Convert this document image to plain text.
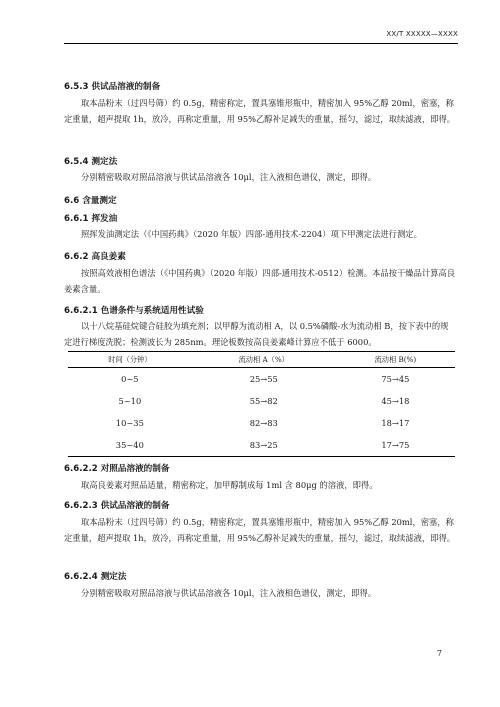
XX/T XXXXX—XXXX
6.5.3 供试品溶液的制备
取本品粉末（过四号筛）约 0.5g，精密称定，置具塞锥形瓶中，精密加入 95%乙醇 20ml，密塞，称定重量，超声提取 1h，放冷，再称定重量，用 95%乙醇补足减失的重量，摇匀，滤过，取续滤液，即得。
6.5.4 测定法
分别精密吸取对照品溶液与供试品溶液各 10μl，注入液相色谱仪，测定，即得。
6.6 含量测定
6.6.1 挥发油
照挥发油测定法（《中国药典》（2020 年版）四部-通用技术-2204）项下甲测定法进行测定。
6.6.2 高良姜素
按照高效液相色谱法（《中国药典》（2020 年版）四部-通用技术-0512）检测。本品按干燥品计算高良姜素含量。
6.6.2.1 色谱条件与系统适用性试验
以十八烷基硅烷键合硅胶为填充剂；以甲醇为流动相 A，以 0.5%磷酸-水为流动相 B，按下表中的规定进行梯度洗脱；检测波长为 285nm。理论板数按高良姜素峰计算应不低于 6000。
时间（分钟）	流动相 A（%）	流动相 B(%)
0~5	25→55	75→45
5~10	55→82	45→18
10~35	82→83	18→17
35~40	83→25	17→75
6.6.2.2 对照品溶液的制备
取高良姜素对照品适量，精密称定，加甲醇制成每 1ml 含 80μg 的溶液，即得。
6.6.2.3 供试品溶液的制备
取本品粉末（过四号筛）约 0.5g，精密称定，置具塞锥形瓶中，精密加入 95%乙醇 20ml，密塞，称定重量，超声提取 1h，放冷，再称定重量，用 95%乙醇补足减失的重量，摇匀，滤过，取续滤液，即得。
6.6.2.4 测定法
分别精密吸取对照品溶液与供试品溶液各 10μl，注入液相色谱仪，测定，即得。
7
